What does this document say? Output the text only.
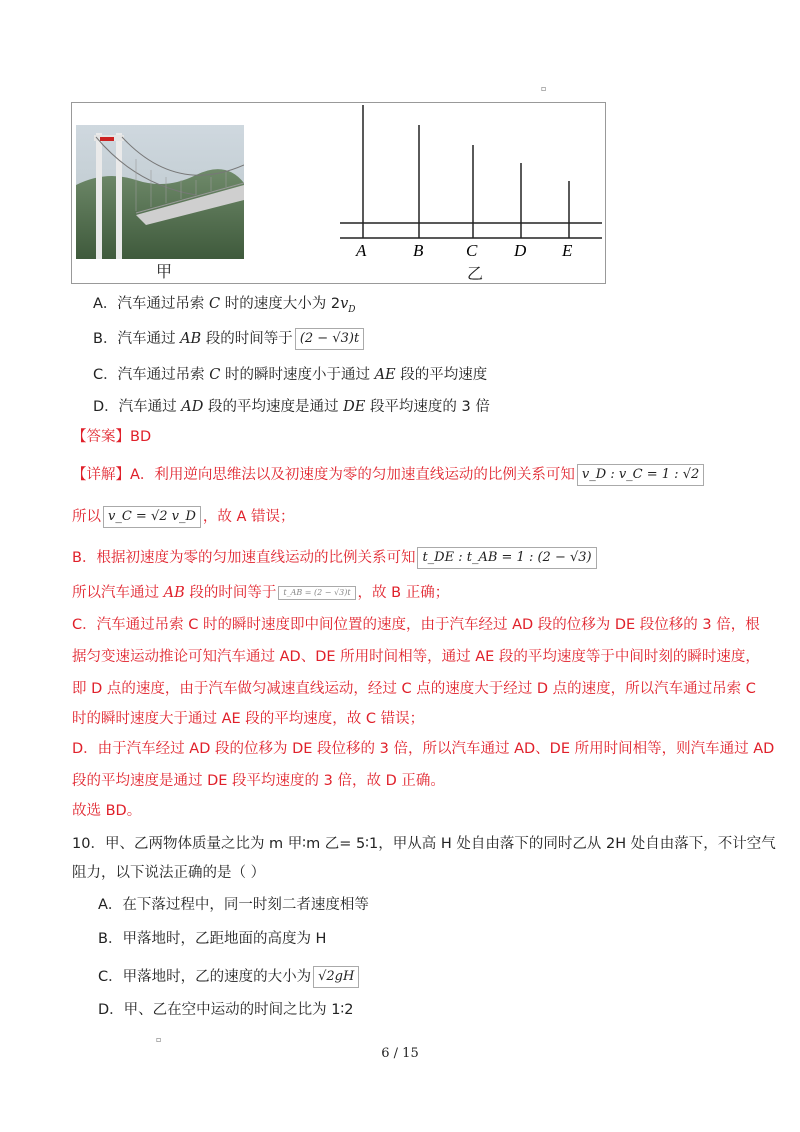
▫
甲
A	B	C D E
乙
A．汽车通过吊索 C 时的速度大小为 $2v_D$
B．汽车通过 AB 段的时间等于 (2 − √3)t
C．汽车通过吊索 C 时的瞬时速度小于通过 AE 段的平均速度
D．汽车通过 AD 段的平均速度是通过 DE 段平均速度的 3 倍
【答案】BD
【详解】A．利用逆向思维法以及初速度为零的匀加速直线运动的比例关系可知 v_D : v_C = 1 : √2
所以 v_C = √2 v_D ，故 A 错误；
B．根据初速度为零的匀加速直线运动的比例关系可知 t_DE : t_AB = 1 : (2 − √3)
所以汽车通过 AB 段的时间等于 t_AB = (2 − √3)t ，故 B 正确；
C．汽车通过吊索 C 时的瞬时速度即中间位置的速度，由于汽车经过 AD 段的位移为 DE 段位移的 3 倍，根
据匀变速运动推论可知汽车通过 AD、DE 所用时间相等，通过 AE 段的平均速度等于中间时刻的瞬时速度，
即 D 点的速度，由于汽车做匀减速直线运动，经过 C 点的速度大于经过 D 点的速度，所以汽车通过吊索 C
时的瞬时速度大于通过 AE 段的平均速度，故 C 错误；
D．由于汽车经过 AD 段的位移为 DE 段位移的 3 倍，所以汽车通过 AD、DE 所用时间相等，则汽车通过 AD
段的平均速度是通过 DE 段平均速度的 3 倍，故 D 正确。
故选 BD。
10．甲、乙两物体质量之比为 m 甲∶m 乙= 5∶1，甲从高 H 处自由落下的同时乙从 2H 处自由落下，不计空气
阻力，以下说法正确的是（ ）
A．在下落过程中，同一时刻二者速度相等
B．甲落地时，乙距地面的高度为 H
C．甲落地时，乙的速度的大小为 √2gH
D．甲、乙在空中运动的时间之比为 1∶2
▫
6 / 15
